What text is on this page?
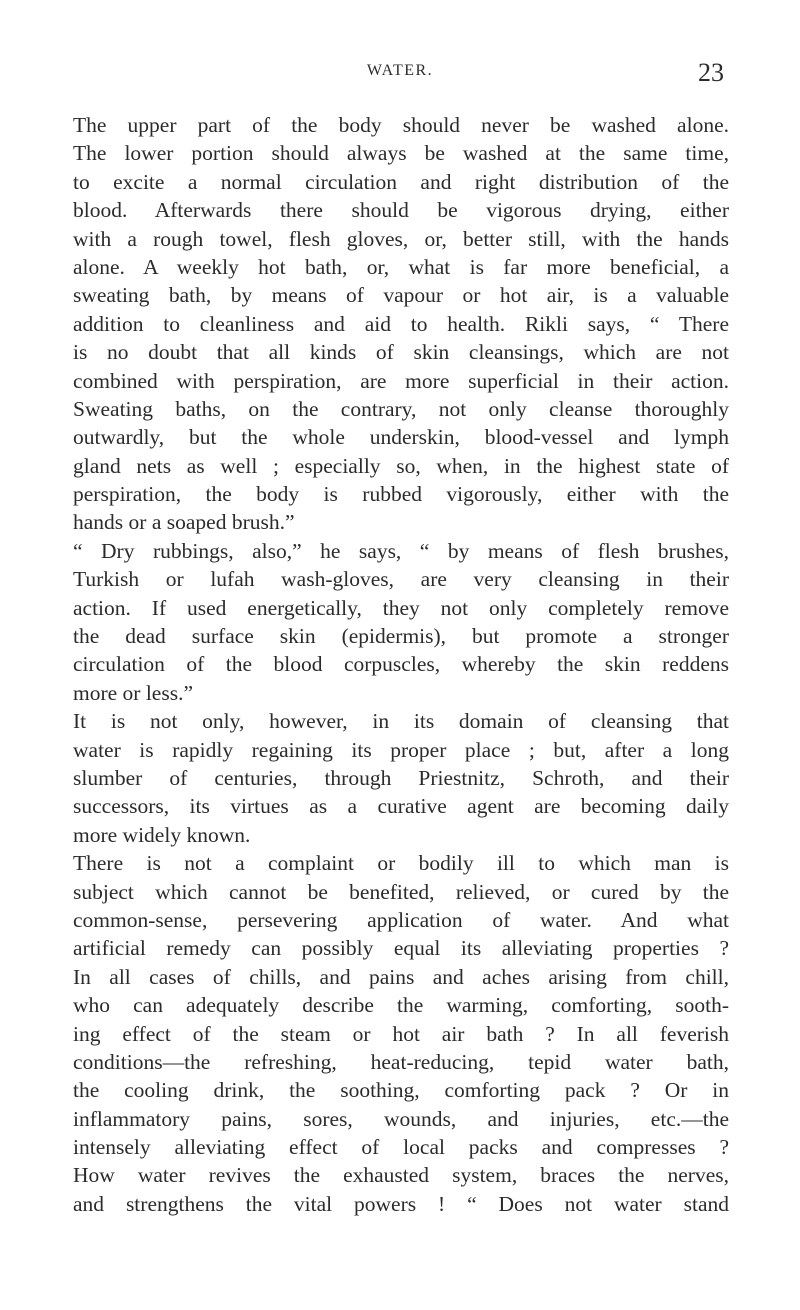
WATER.	23
The upper part of the body should never be washed alone.
The lower portion should always be washed at the same time,
to excite a normal circulation and right distribution of the
blood. Afterwards there should be vigorous drying, either
with a rough towel, flesh gloves, or, better still, with the hands
alone. A weekly hot bath, or, what is far more beneficial, a
sweating bath, by means of vapour or hot air, is a valuable
addition to cleanliness and aid to health. Rikli says, “ There
is no doubt that all kinds of skin cleansings, which are not
combined with perspiration, are more superficial in their action.
Sweating baths, on the contrary, not only cleanse thoroughly
outwardly, but the whole underskin, blood-vessel and lymph
gland nets as well ; especially so, when, in the highest state of
perspiration, the body is rubbed vigorously, either with the
hands or a soaped brush.”
“ Dry rubbings, also,” he says, “ by means of flesh brushes,
Turkish or lufah wash-gloves, are very cleansing in their
action. If used energetically, they not only completely remove
the dead surface skin (epidermis), but promote a stronger
circulation of the blood corpuscles, whereby the skin reddens
more or less.”
It is not only, however, in its domain of cleansing that
water is rapidly regaining its proper place ; but, after a long
slumber of centuries, through Priestnitz, Schroth, and their
successors, its virtues as a curative agent are becoming daily
more widely known.
There is not a complaint or bodily ill to which man is
subject which cannot be benefited, relieved, or cured by the
common-sense, persevering application of water. And what
artificial remedy can possibly equal its alleviating properties ?
In all cases of chills, and pains and aches arising from chill,
who can adequately describe the warming, comforting, sooth-
ing effect of the steam or hot air bath ? In all feverish
conditions—the refreshing, heat-reducing, tepid water bath,
the cooling drink, the soothing, comforting pack ? Or in
inflammatory pains, sores, wounds, and injuries, etc.—the
intensely alleviating effect of local packs and compresses ?
How water revives the exhausted system, braces the nerves,
and strengthens the vital powers ! “ Does not water stand
